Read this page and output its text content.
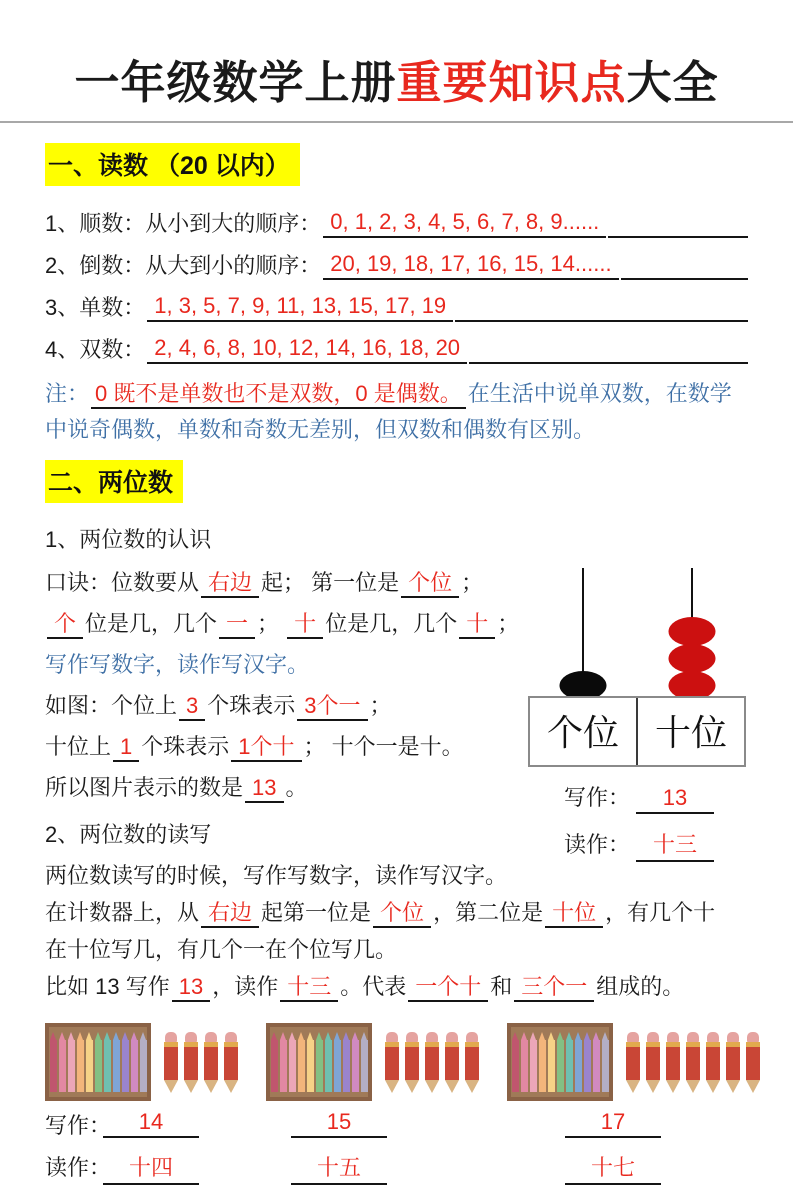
一年级数学上册重要知识点大全
一、读数 （20 以内）
1、顺数：从小到大的顺序： 0, 1, 2, 3, 4, 5, 6, 7, 8, 9......
2、倒数：从大到小的顺序： 20, 19, 18, 17, 16, 15, 14......
3、单数： 1, 3, 5, 7, 9, 11, 13, 15, 17, 19
4、双数： 2, 4, 6, 8, 10, 12, 14, 16, 18, 20

注： 0 既不是单数也不是双数，0 是偶数。 在生活中说单双数，在数学中说奇偶数，单数和奇数无差别，但双数和偶数有区别。

二、两位数
1、两位数的认识
口诀：位数要从 右边 起； 第一位是 个位 ；
个 位是几，几个 一 ； 十 位是几，几个 十 ；
写作写数字，读作写汉字。
如图：个位上 3 个珠表示 3个一 ；
十位上 1 个珠表示 1个十 ； 十个一是十。
所以图片表示的数是 13 。
个位 十位
写作： 13
读作： 十三
2、两位数的读写
两位数读写的时候，写作写数字，读作写汉字。
在计数器上，从 右边 起第一位是 个位 ，第二位是 十位 ，有几个十
在十位写几，有几个一在个位写几。
比如 13 写作 13 ，读作 十三 。代表 一个十 和 三个一 组成的。
写作：	14	15	17
读作： 十四	十五	十七
